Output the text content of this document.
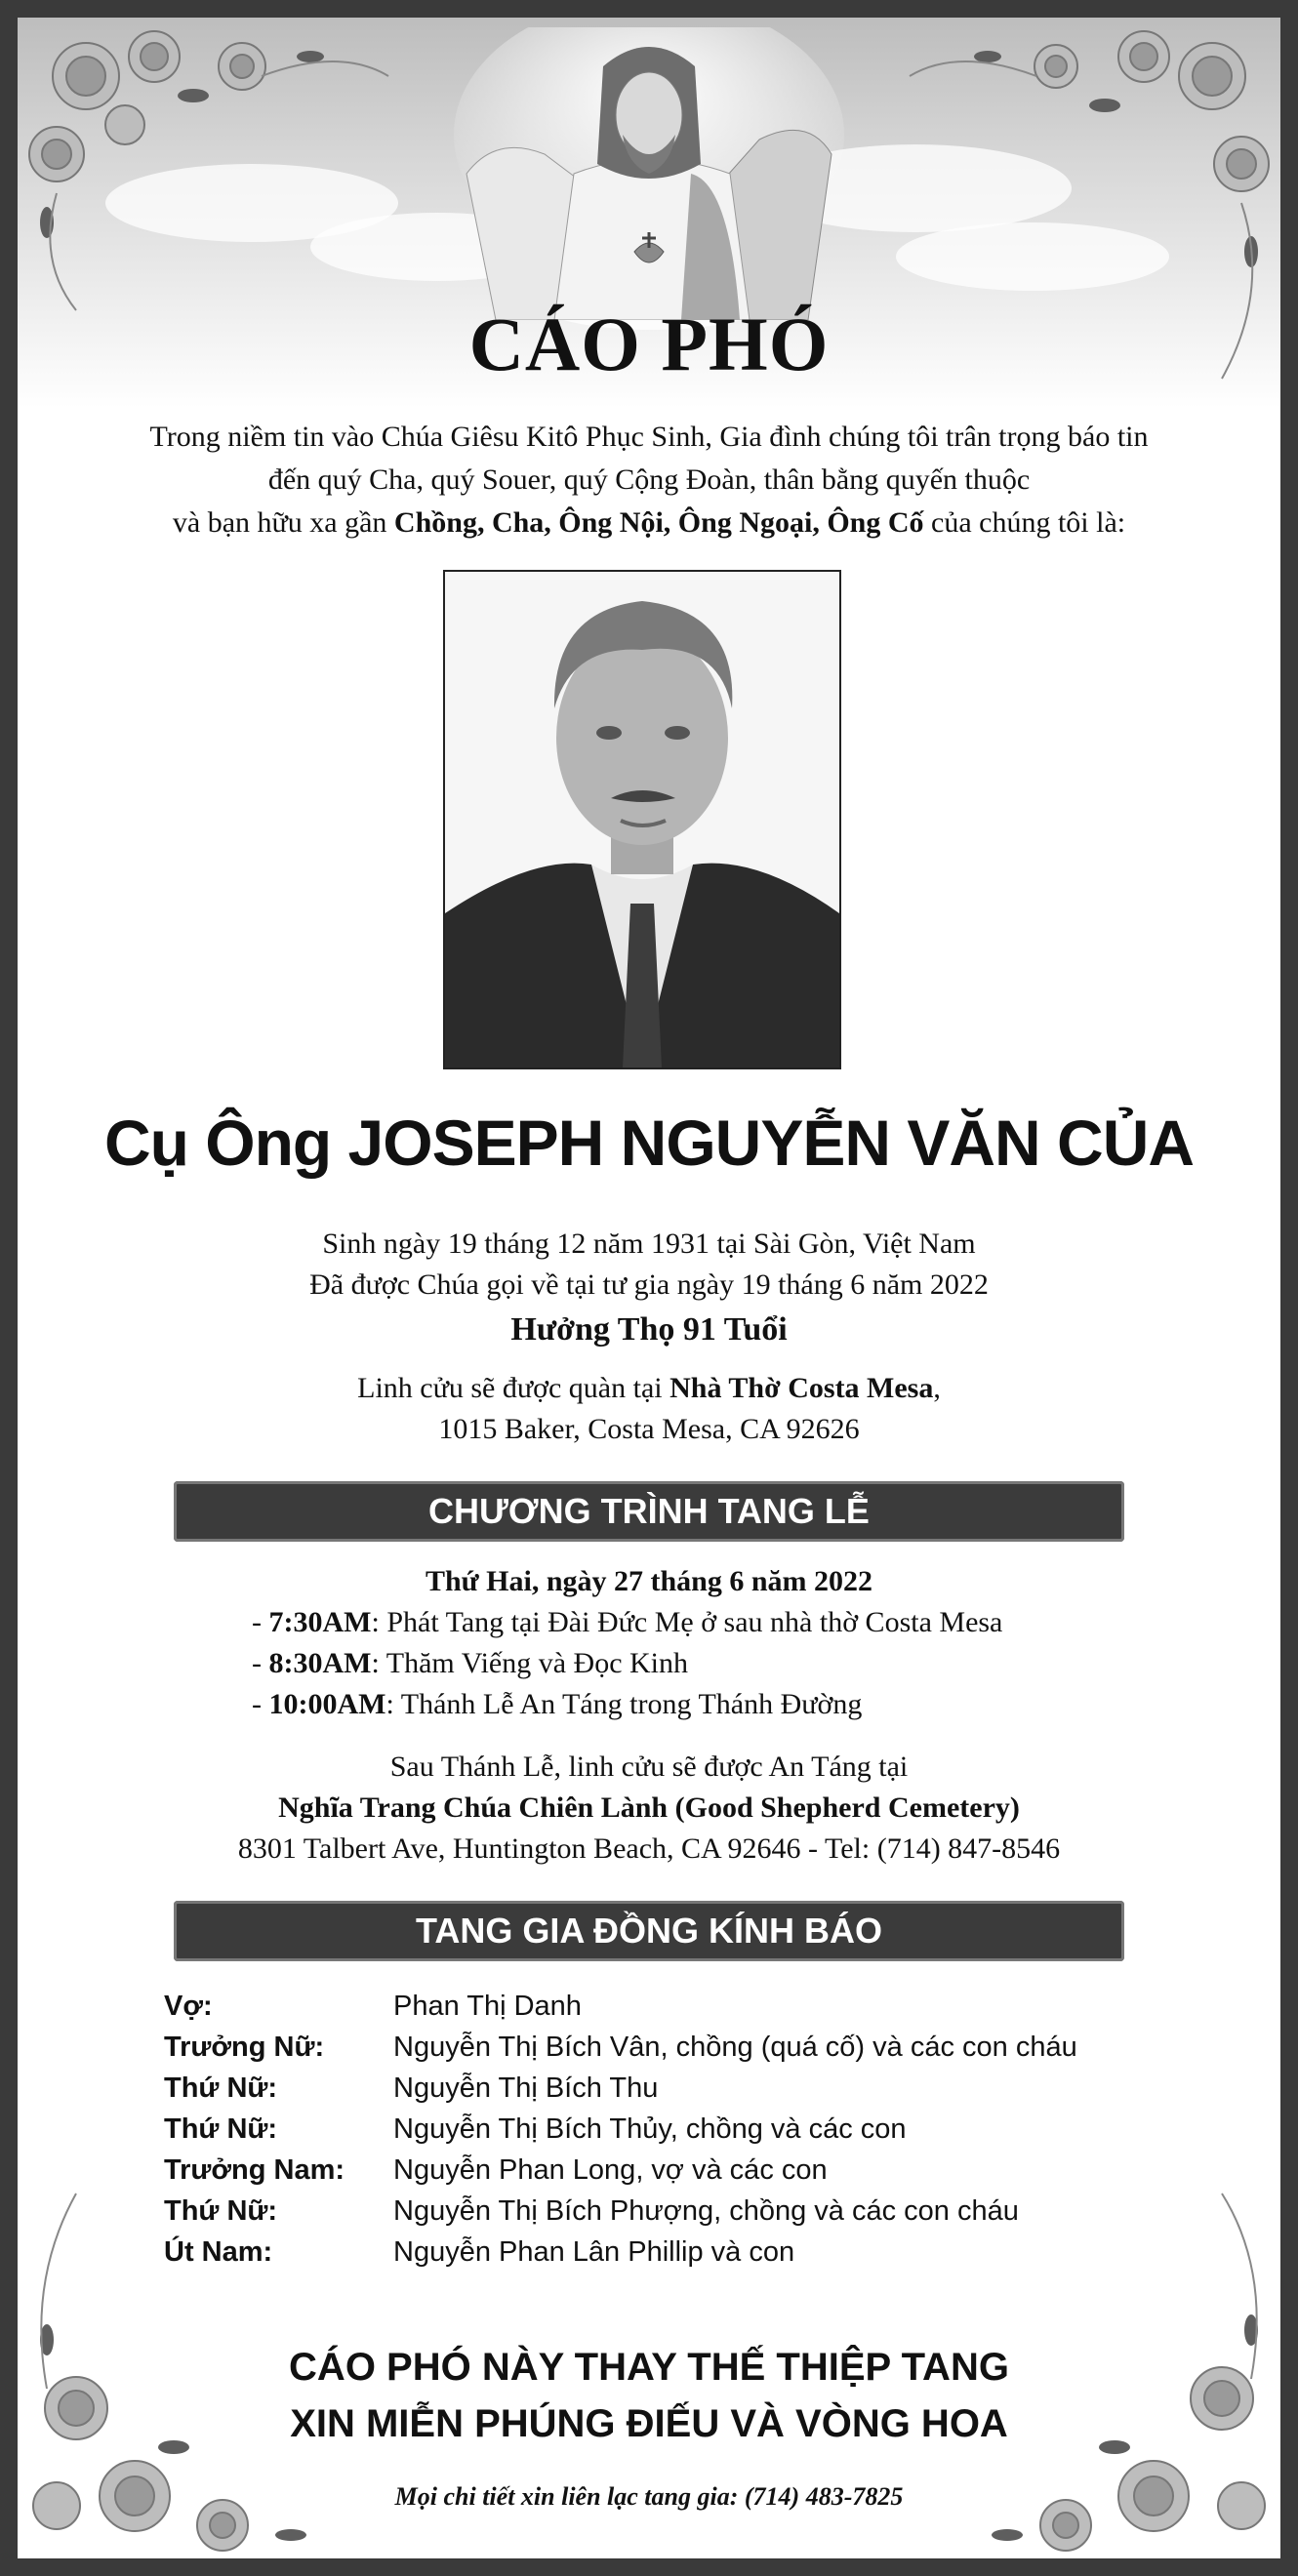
CÁO PHÓ
Trong niềm tin vào Chúa Giêsu Kitô Phục Sinh, Gia đình chúng tôi trân trọng báo tin
đến quý Cha, quý Souer, quý Cộng Đoàn, thân bằng quyến thuộc
và bạn hữu xa gần Chồng, Cha, Ông Nội, Ông Ngoại, Ông Cố của chúng tôi là:
Cụ Ông JOSEPH NGUYỄN VĂN CỦA
Sinh ngày 19 tháng 12 năm 1931 tại Sài Gòn, Việt Nam
Đã được Chúa gọi về tại tư gia ngày 19 tháng 6 năm 2022
Hưởng Thọ 91 Tuổi
Linh cửu sẽ được quàn tại Nhà Thờ Costa Mesa,
1015 Baker, Costa Mesa, CA 92626
CHƯƠNG TRÌNH TANG LỄ
Thứ Hai, ngày 27 tháng 6 năm 2022
- 7:30AM: Phát Tang tại Đài Đức Mẹ ở sau nhà thờ Costa Mesa
- 8:30AM: Thăm Viếng và Đọc Kinh
- 10:00AM: Thánh Lễ An Táng trong Thánh Đường
Sau Thánh Lễ, linh cửu sẽ được An Táng tại
Nghĩa Trang Chúa Chiên Lành (Good Shepherd Cemetery)
8301 Talbert Ave, Huntington Beach, CA 92646 - Tel: (714) 847-8546
TANG GIA ĐỒNG KÍNH BÁO
Vợ:	Phan Thị Danh
Trưởng Nữ:	Nguyễn Thị Bích Vân, chồng (quá cố) và các con cháu
Thứ Nữ:	Nguyễn Thị Bích Thu
Thứ Nữ:	Nguyễn Thị Bích Thủy, chồng và các con
Trưởng Nam:	Nguyễn Phan Long, vợ và các con
Thứ Nữ:	Nguyễn Thị Bích Phượng, chồng và các con cháu
Út Nam:	Nguyễn Phan Lân Phillip và con
CÁO PHÓ NÀY THAY THẾ THIỆP TANG
XIN MIỄN PHÚNG ĐIẾU VÀ VÒNG HOA
Mọi chi tiết xin liên lạc tang gia: (714) 483-7825
